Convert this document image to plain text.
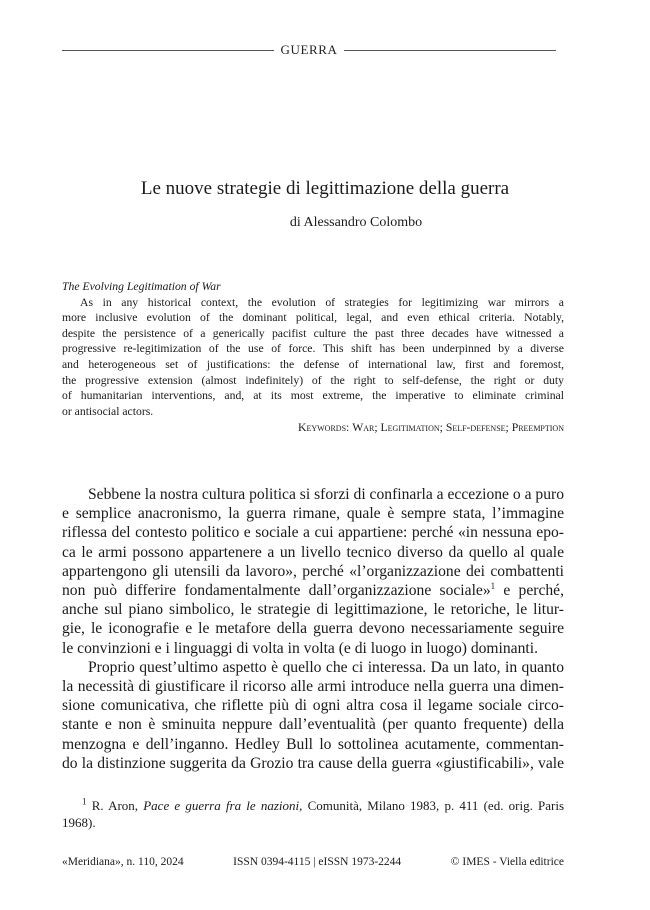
GUERRA
Le nuove strategie di legittimazione della guerra
di Alessandro Colombo
The Evolving Legitimation of War
As in any historical context, the evolution of strategies for legitimizing war mirrors a
more inclusive evolution of the dominant political, legal, and even ethical criteria. Notably,
despite the persistence of a generically pacifist culture the past three decades have witnessed a
progressive re-legitimization of the use of force. This shift has been underpinned by a diverse
and heterogeneous set of justifications: the defense of international law, first and foremost,
the progressive extension (almost indefinitely) of the right to self-defense, the right or duty
of humanitarian interventions, and, at its most extreme, the imperative to eliminate criminal
or antisocial actors.
Keywords: War; Legitimation; Self-defense; Preemption
Sebbene la nostra cultura politica si sforzi di confinarla a eccezione o a puro
e semplice anacronismo, la guerra rimane, quale è sempre stata, l’immagine
riflessa del contesto politico e sociale a cui appartiene: perché «in nessuna epo-
ca le armi possono appartenere a un livello tecnico diverso da quello al quale
appartengono gli utensili da lavoro», perché «l’organizzazione dei combattenti
non può differire fondamentalmente dall’organizzazione sociale»$^1$ e perché,
anche sul piano simbolico, le strategie di legittimazione, le retoriche, le litur-
gie, le iconografie e le metafore della guerra devono necessariamente seguire
le convinzioni e i linguaggi di volta in volta (e di luogo in luogo) dominanti.
Proprio quest’ultimo aspetto è quello che ci interessa. Da un lato, in quanto
la necessità di giustificare il ricorso alle armi introduce nella guerra una dimen-
sione comunicativa, che riflette più di ogni altra cosa il legame sociale circo-
stante e non è sminuita neppure dall’eventualità (per quanto frequente) della
menzogna e dell’inganno. Hedley Bull lo sottolinea acutamente, commentan-
do la distinzione suggerita da Grozio tra cause della guerra «giustificabili», vale
$^1$ R. Aron, Pace e guerra fra le nazioni, Comunità, Milano 1983, p. 411 (ed. orig. Paris
1968).
«Meridiana», n. 110, 2024	ISSN 0394-4115 | eISSN 1973-2244	© IMES - Viella editrice
